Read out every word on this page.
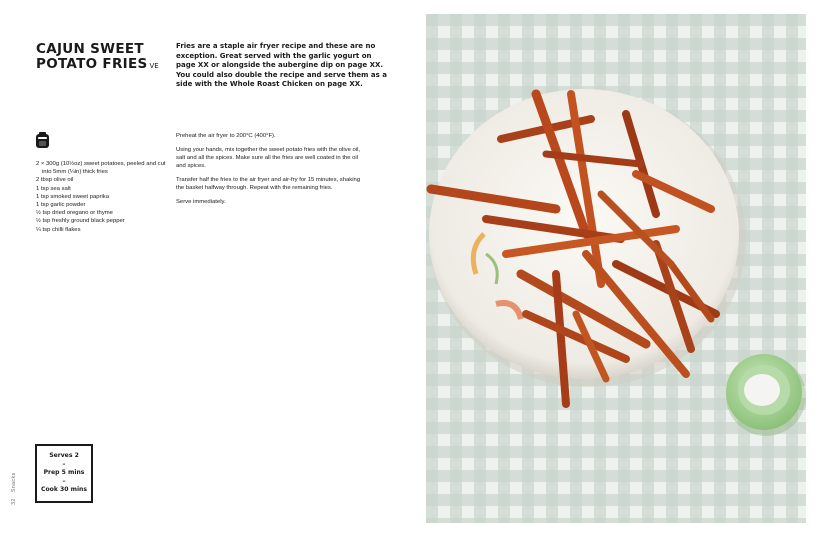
CAJUN SWEET
POTATO FRIES VE

Fries are a staple air fryer recipe and these are no exception. Great served with the garlic yogurt on page XX or alongside the aubergine dip on page XX. You could also double the recipe and serve them as a side with the Whole Roast Chicken on page XX.

2 × 300g (10½oz) sweet potatoes, peeled and cut into 5mm (¼in) thick fries
2 tbsp olive oil
1 tsp sea salt
1 tsp smoked sweet paprika
1 tsp garlic powder
½ tsp dried oregano or thyme
½ tsp freshly ground black pepper
¼ tsp chilli flakes

Preheat the air fryer to 200°C (400°F).

Using your hands, mix together the sweet potato fries with the olive oil, salt and all the spices. Make sure all the fries are well coated in the oil and spices.

Transfer half the fries to the air fryer and air-fry for 15 minutes, shaking the basket halfway through. Repeat with the remaining fries.

Serve immediately.

Serves 2
–
Prep 5 mins
–
Cook 30 mins
32Snacks
